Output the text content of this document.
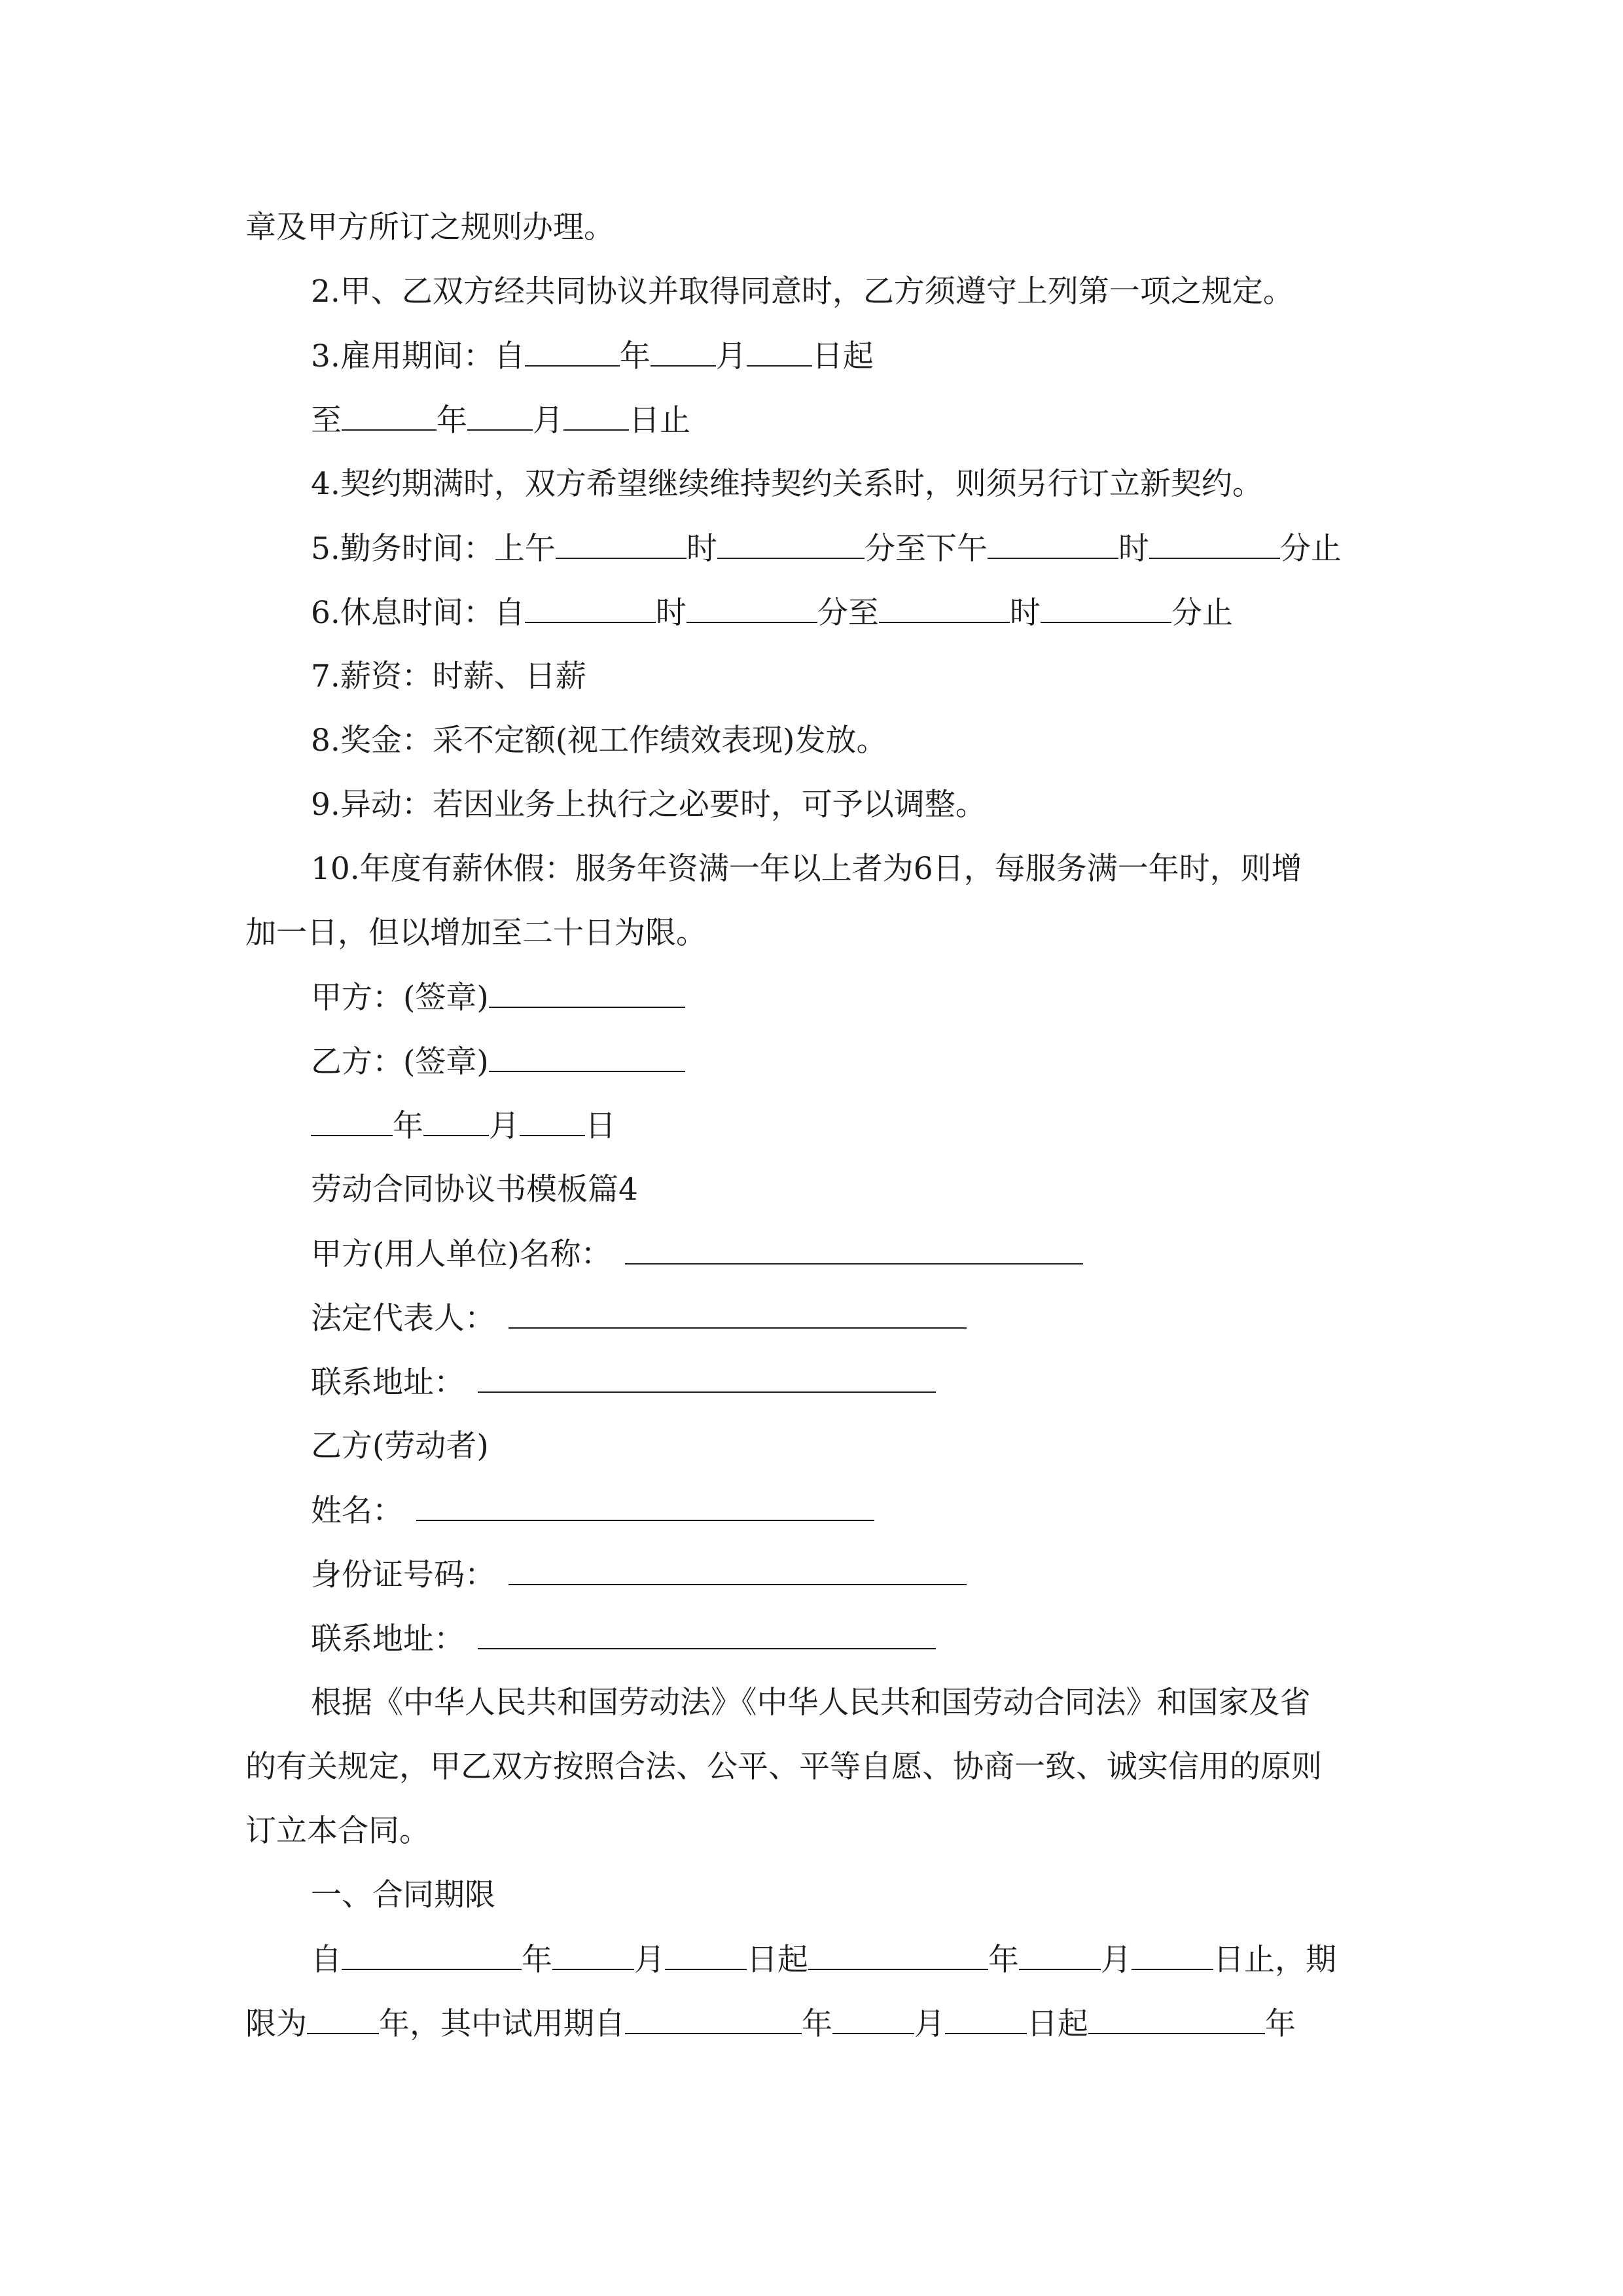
章及甲方所订之规则办理。
2.甲、乙双方经共同协议并取得同意时，乙方须遵守上列第一项之规定。
3.雇用期间：自	年 月 日起
至	年 月 日止
4.契约期满时，双方希望继续维持契约关系时，则须另行订立新契约。
5.勤务时间：上午	时	分至下午	时	分止
6.休息时间：自	时	分至	时	分止
7.薪资：时薪、日薪
8.奖金：采不定额(视工作绩效表现)发放。
9.异动：若因业务上执行之必要时，可予以调整。
10.年度有薪休假：服务年资满一年以上者为6日，每服务满一年时，则增
加一日，但以增加至二十日为限。
甲方：(签章)
乙方：(签章)
年 月 日
劳动合同协议书模板篇4
甲方(用人单位)名称：
法定代表人：
联系地址：
乙方(劳动者)
姓名：
身份证号码：
联系地址：
根据《中华人民共和国劳动法》《中华人民共和国劳动合同法》和国家及省
的有关规定，甲乙双方按照合法、公平、平等自愿、协商一致、诚实信用的原则
订立本合同。
一、合同期限
自	年	月	日起	年	月	日止，期
限为 年，其中试用期自	年	月	日起	年
